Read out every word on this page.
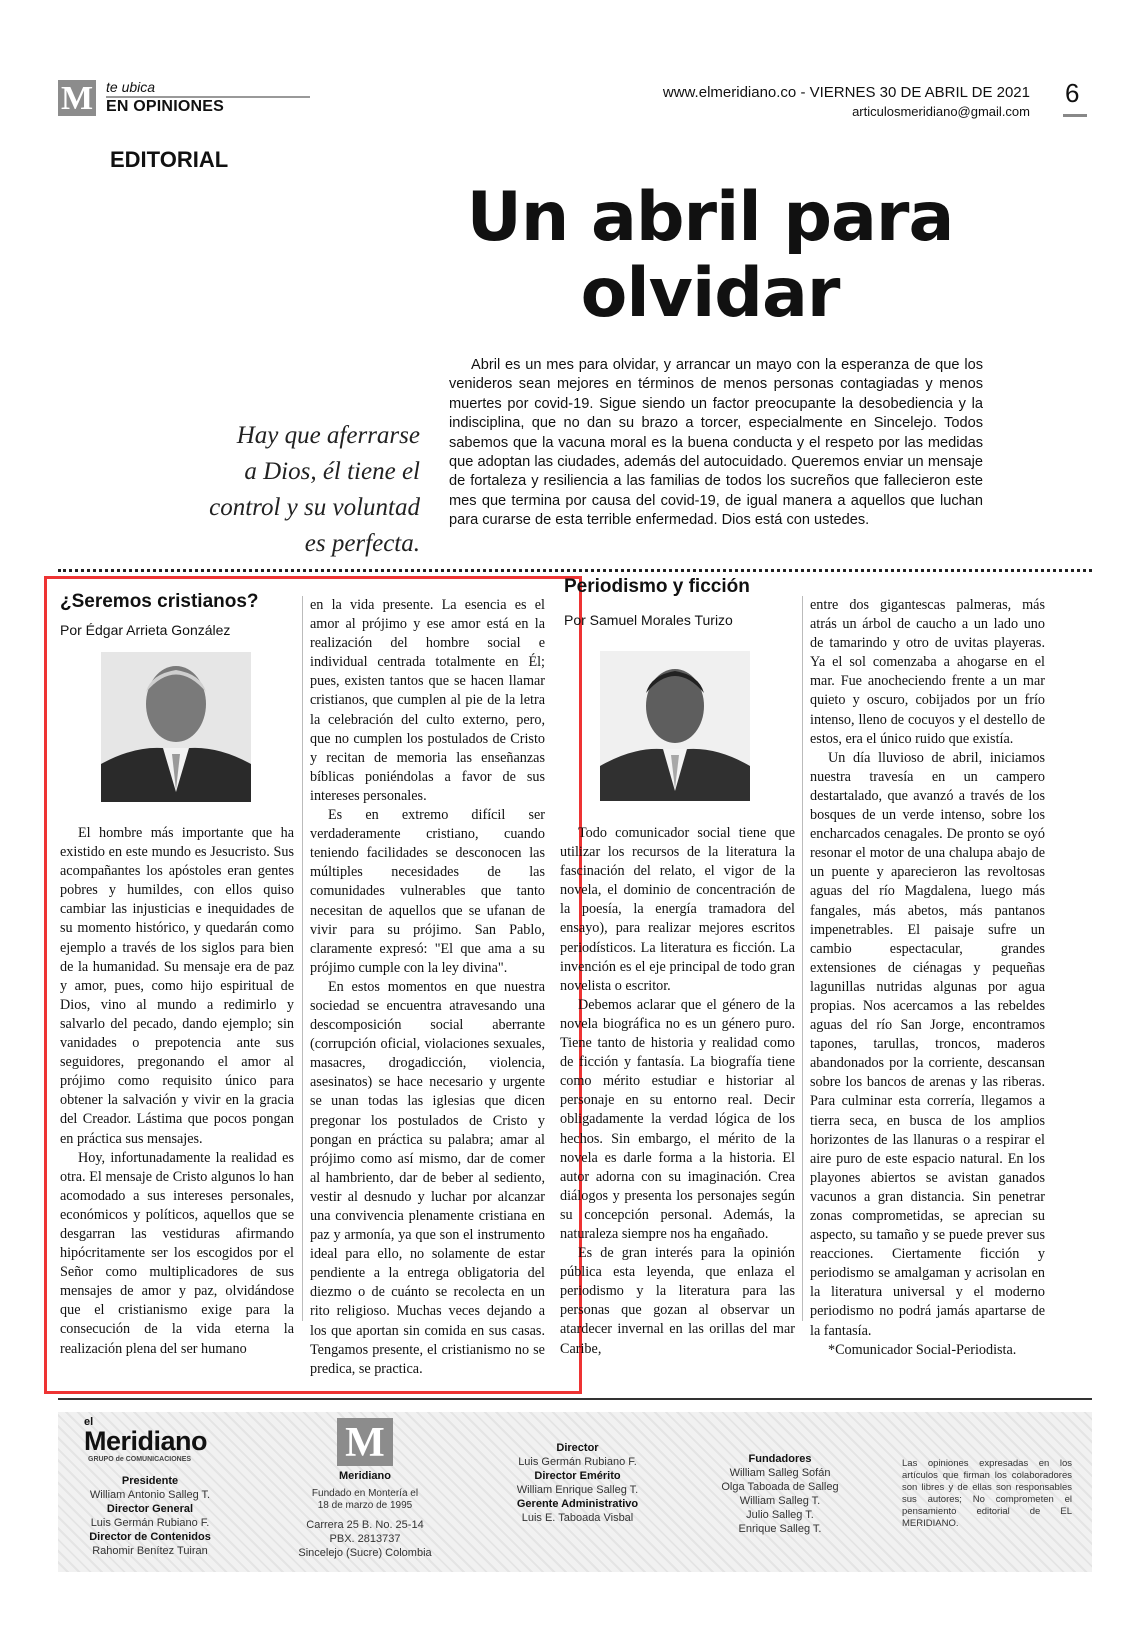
M te ubica
EN OPINIONES
www.elmeridiano.co - VIERNES 30 DE ABRIL DE 2021
articulosmeridiano@gmail.com
6
EDITORIAL
Un abril para
olvidar
Abril es un mes para olvidar, y arrancar un mayo con la esperanza de que los venideros sean mejores en términos de menos personas contagiadas y menos muertes por covid-19. Sigue siendo un factor preocupante la desobediencia y la indisciplina, que no dan su brazo a torcer, especialmente en Sincelejo. Todos sabemos que la vacuna moral es la buena conducta y el respeto por las medidas que adoptan las ciudades, además del autocuidado. Queremos enviar un mensaje de fortaleza y resiliencia a las familias de todos los sucreños que fallecieron este mes que termina por causa del covid-19, de igual manera a aquellos que luchan para curarse de esta terrible enfermedad. Dios está con ustedes.
Hay que aferrarse
a Dios, él tiene el
control y su voluntad
es perfecta.
¿Seremos cristianos?
Por Édgar Arrieta González

El hombre más importante que ha existido en este mundo es Jesucristo. Sus acompañantes los apóstoles eran gentes pobres y humildes, con ellos quiso cambiar las injusticias e inequidades de su momento histórico, y quedarán como ejemplo a través de los siglos para bien de la humanidad. Su mensaje era de paz y amor, pues, como hijo espiritual de Dios, vino al mundo a redimirlo y salvarlo del pecado, dando ejemplo; sin vanidades o prepotencia ante sus seguidores, pregonando el amor al prójimo como requisito único para obtener la salvación y vivir en la gracia del Creador. Lástima que pocos pongan en práctica sus mensajes.

Hoy, infortunadamente la realidad es otra. El mensaje de Cristo algunos lo han acomodado a sus intereses personales, económicos y políticos, aquellos que se desgarran las vestiduras afirmando hipócritamente ser los escogidos por el Señor como multiplicadores de sus mensajes de amor y paz, olvidándose que el cristianismo exige para la consecución de la vida eterna la realización plena del ser humano

en la vida presente. La esencia es el amor al prójimo y ese amor está en la realización del hombre social e individual centrada totalmente en Él; pues, existen tantos que se hacen llamar cristianos, que cumplen al pie de la letra la celebración del culto externo, pero, que no cumplen los postulados de Cristo y recitan de memoria las enseñanzas bíblicas poniéndolas a favor de sus intereses personales.

Es en extremo difícil ser verdaderamente cristiano, cuando teniendo facilidades se desconocen las múltiples necesidades de las comunidades vulnerables que tanto necesitan de aquellos que se ufanan de vivir para su prójimo. San Pablo, claramente expresó: "El que ama a su prójimo cumple con la ley divina".

En estos momentos en que nuestra sociedad se encuentra atravesando una descomposición social aberrante (corrupción oficial, violaciones sexuales, masacres, drogadicción, violencia, asesinatos) se hace necesario y urgente se unan todas las iglesias que dicen pregonar los postulados de Cristo y pongan en práctica su palabra; amar al prójimo como así mismo, dar de comer al hambriento, dar de beber al sediento, vestir al desnudo y luchar por alcanzar una convivencia plenamente cristiana en paz y armonía, ya que son el instrumento ideal para ello, no solamente de estar pendiente a la entrega obligatoria del diezmo o de cuánto se recolecta en un rito religioso. Muchas veces dejando a los que aportan sin comida en sus casas. Tengamos presente, el cristianismo no se predica, se practica.

Periodismo y ficción
Por Samuel Morales Turizo

Todo comunicador social tiene que utilizar los recursos de la literatura la fascinación del relato, el vigor de la novela, el dominio de concentración de la poesía, la energía tramadora del ensayo), para realizar mejores escritos periodísticos. La literatura es ficción. La invención es el eje principal de todo gran novelista o escritor.

Debemos aclarar que el género de la novela biográfica no es un género puro. Tiene tanto de historia y realidad como de ficción y fantasía. La biografía tiene como mérito estudiar e historiar al personaje en su entorno real. Decir obligadamente la verdad lógica de los hechos. Sin embargo, el mérito de la novela es darle forma a la historia. El autor adorna con su imaginación. Crea diálogos y presenta los personajes según su concepción personal. Además, la naturaleza siempre nos ha engañado.

Es de gran interés para la opinión pública esta leyenda, que enlaza el periodismo y la literatura para las personas que gozan al observar un atardecer invernal en las orillas del mar Caribe,

entre dos gigantescas palmeras, más atrás un árbol de caucho a un lado uno de tamarindo y otro de uvitas playeras. Ya el sol comenzaba a ahogarse en el mar. Fue anocheciendo frente a un mar quieto y oscuro, cobijados por un frío intenso, lleno de cocuyos y el destello de estos, era el único ruido que existía.

Un día lluvioso de abril, iniciamos nuestra travesía en un campero destartalado, que avanzó a través de los bosques de un verde intenso, sobre los encharcados cenagales. De pronto se oyó resonar el motor de una chalupa abajo de un puente y aparecieron las revoltosas aguas del río Magdalena, luego más fangales, más abetos, más pantanos impenetrables. El paisaje sufre un cambio espectacular, grandes extensiones de ciénagas y pequeñas lagunillas nutridas algunas por agua propias. Nos acercamos a las rebeldes aguas del río San Jorge, encontramos tapones, tarullas, troncos, maderos abandonados por la corriente, descansan sobre los bancos de arenas y las riberas. Para culminar esta correría, llegamos a tierra seca, en busca de los amplios horizontes de las llanuras o a respirar el aire puro de este espacio natural. En los playones abiertos se avistan ganados vacunos a gran distancia. Sin penetrar zonas comprometidas, se aprecian su aspecto, su tamaño y se puede prever sus reacciones. Ciertamente ficción y periodismo se amalgaman y acrisolan en la literatura universal y el moderno periodismo no podrá jamás apartarse de la fantasía.

*Comunicador Social-Periodista.

el
Meridiano
GRUPO de COMUNICACIONES
Presidente
William Antonio Salleg T.
Director General
Luis Germán Rubiano F.
Director de Contenidos
Rahomir Benítez Tuiran
M
Meridiano
Fundado en Montería el 18 de marzo de 1995
Carrera 25 B. No. 25-14
PBX. 2813737
Sincelejo (Sucre) Colombia
Director
Luis Germán Rubiano F.
Director Emérito
William Enrique Salleg T.
Gerente Administrativo
Luis E. Taboada Visbal
Fundadores
William Salleg Sofán
Olga Taboada de Salleg
William Salleg T.
Julio Salleg T.
Enrique Salleg T.
Las opiniones expresadas en los artículos que firman los colaboradores son libres y de ellas son responsables sus autores; No comprometen el pensamiento editorial de EL MERIDIANO.
